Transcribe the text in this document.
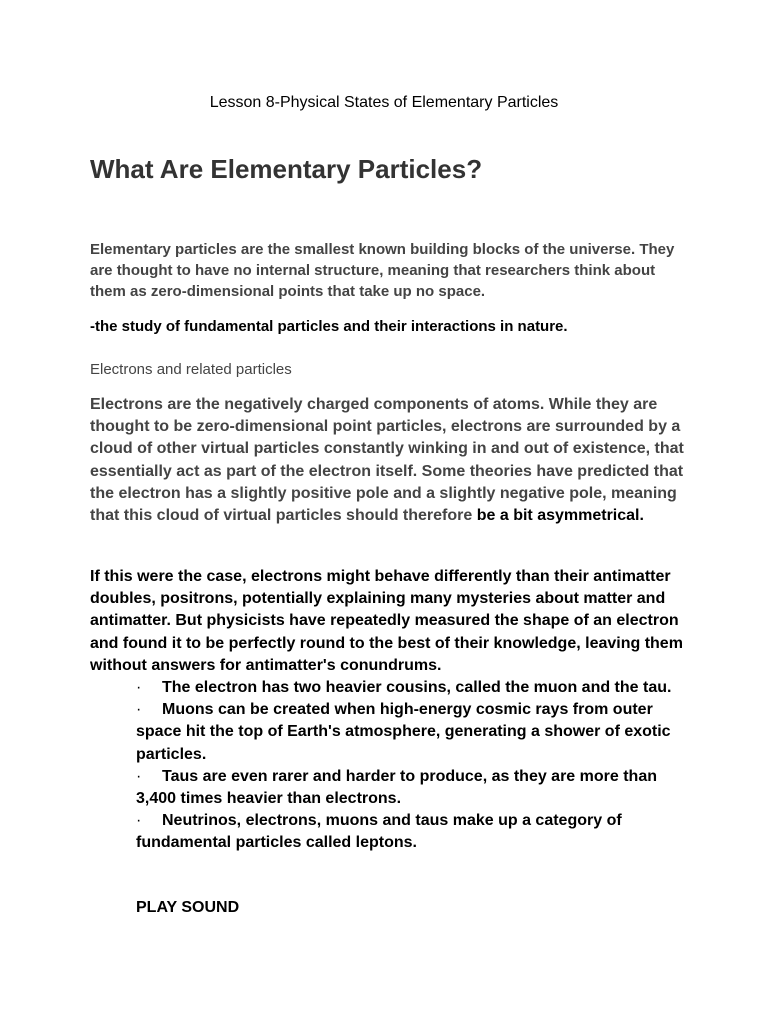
Lesson 8-Physical States of Elementary Particles
What Are Elementary Particles?

Elementary particles are the smallest known building blocks of the universe. They are thought to have no internal structure, meaning that researchers think about them as zero-dimensional points that take up no space.

-the study of fundamental particles and their interactions in nature.

Electrons and related particles

Electrons are the negatively charged components of atoms. While they are thought to be zero-dimensional point particles, electrons are surrounded by a cloud of other virtual particles constantly winking in and out of existence, that essentially act as part of the electron itself. Some theories have predicted that the electron has a slightly positive pole and a slightly negative pole, meaning that this cloud of virtual particles should therefore be a bit asymmetrical.

If this were the case, electrons might behave differently than their antimatter doubles, positrons, potentially explaining many mysteries about matter and antimatter. But physicists have repeatedly measured the shape of an electron and found it to be perfectly round to the best of their knowledge, leaving them without answers for antimatter's conundrums.

· The electron has two heavier cousins, called the muon and the tau.
· Muons can be created when high-energy cosmic rays from outer space hit the top of Earth's atmosphere, generating a shower of exotic particles.
· Taus are even rarer and harder to produce, as they are more than 3,400 times heavier than electrons.
· Neutrinos, electrons, muons and taus make up a category of fundamental particles called leptons.
PLAY SOUND
